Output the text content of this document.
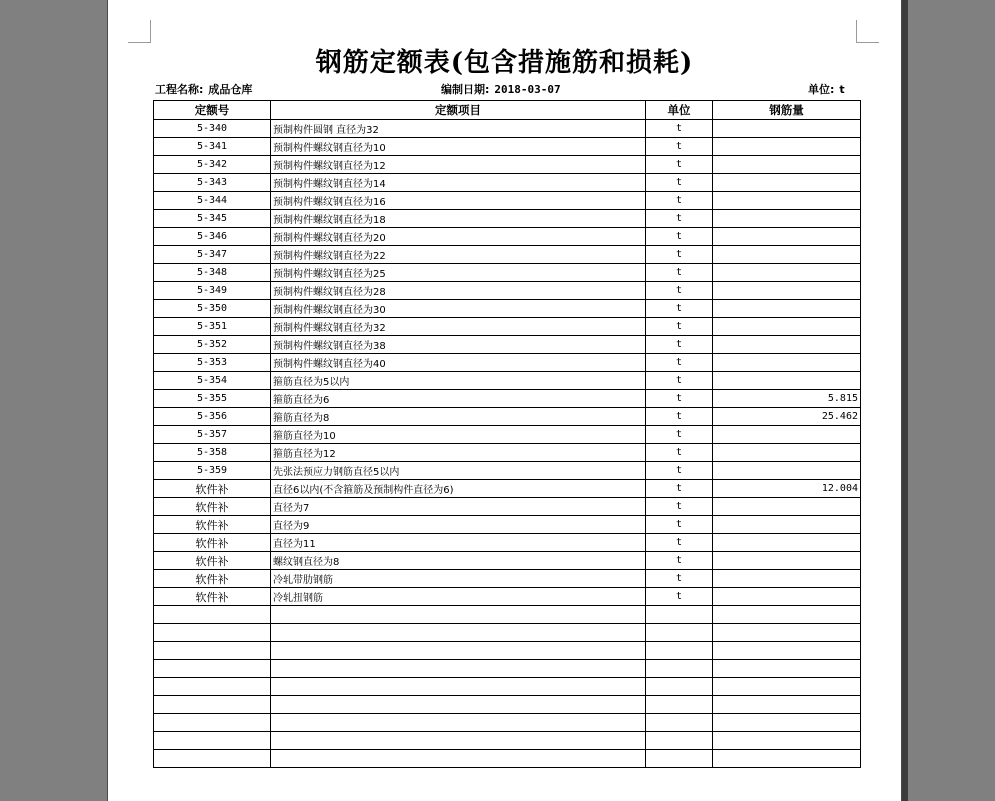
钢筋定额表(包含措施筋和损耗)
工程名称: 成品仓库	编制日期: 2018-03-07	单位: t
定额号	定额项目	单位	钢筋量
5-340	预制构件圆钢 直径为32	t	
5-341	预制构件螺纹钢直径为10	t	
5-342	预制构件螺纹钢直径为12	t	
5-343	预制构件螺纹钢直径为14	t	
5-344	预制构件螺纹钢直径为16	t	
5-345	预制构件螺纹钢直径为18	t	
5-346	预制构件螺纹钢直径为20	t	
5-347	预制构件螺纹钢直径为22	t	
5-348	预制构件螺纹钢直径为25	t	
5-349	预制构件螺纹钢直径为28	t	
5-350	预制构件螺纹钢直径为30	t	
5-351	预制构件螺纹钢直径为32	t	
5-352	预制构件螺纹钢直径为38	t	
5-353	预制构件螺纹钢直径为40	t	
5-354	箍筋直径为5以内	t	
5-355	箍筋直径为6	t	5.815
5-356	箍筋直径为8	t	25.462
5-357	箍筋直径为10	t	
5-358	箍筋直径为12	t	
5-359	先张法预应力钢筋直径5以内	t	
软件补	直径6以内(不含箍筋及预制构件直径为6)	t	12.004
软件补	直径为7	t	
软件补	直径为9	t	
软件补	直径为11	t	
软件补	螺纹钢直径为8	t	
软件补	冷轧带肋钢筋	t	
软件补	冷轧扭钢筋	t	
